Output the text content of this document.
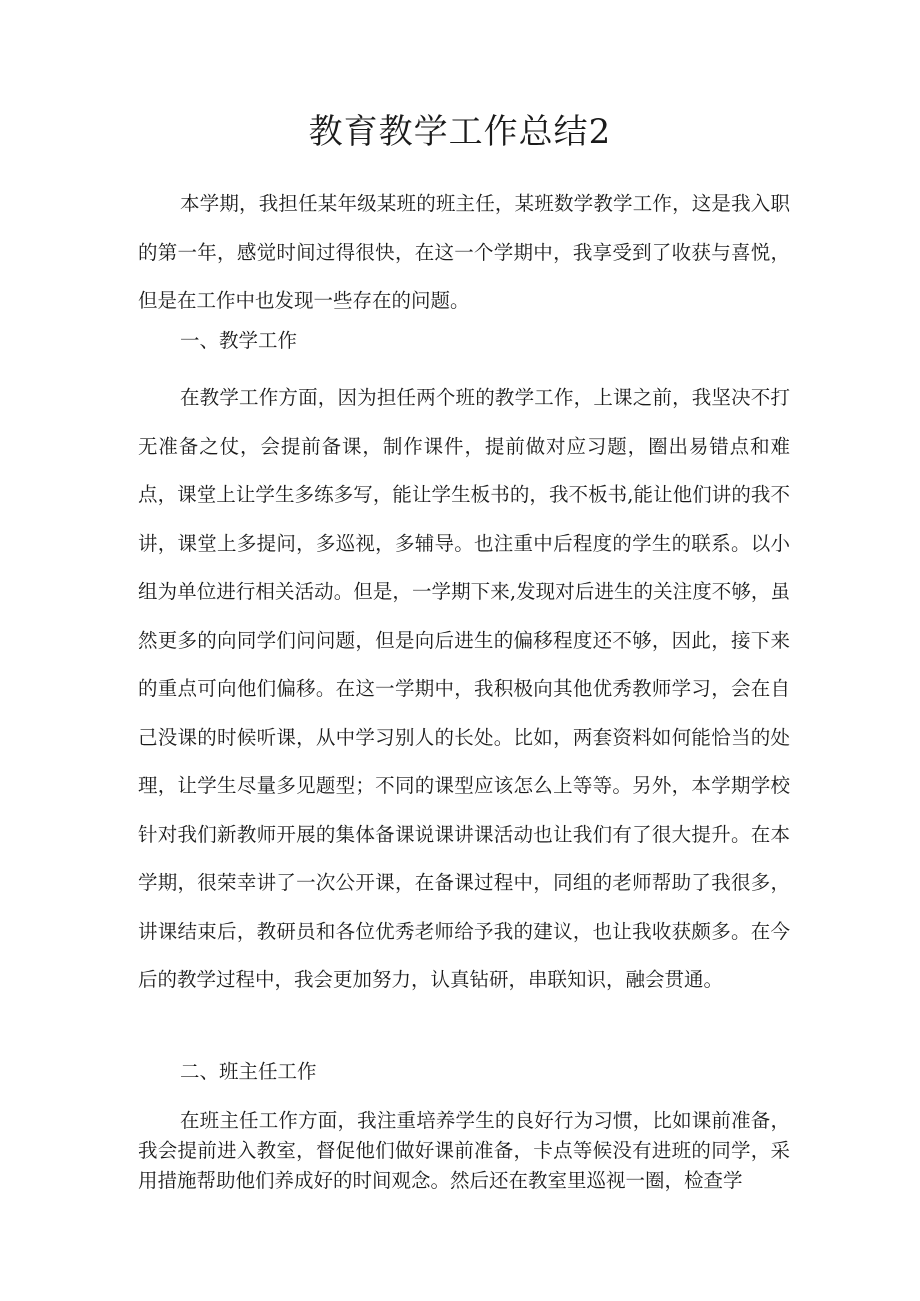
教育教学工作总结2

本学期，我担任某年级某班的班主任，某班数学教学工作，这是我入职的第一年，感觉时间过得很快，在这一个学期中，我享受到了收获与喜悦，但是在工作中也发现一些存在的问题。

一、教学工作

在教学工作方面，因为担任两个班的教学工作，上课之前，我坚决不打无准备之仗，会提前备课，制作课件，提前做对应习题，圈出易错点和难点，课堂上让学生多练多写，能让学生板书的，我不板书,能让他们讲的我不讲，课堂上多提问，多巡视，多辅导。也注重中后程度的学生的联系。以小组为单位进行相关活动。但是，一学期下来,发现对后进生的关注度不够，虽然更多的向同学们问问题，但是向后进生的偏移程度还不够，因此，接下来的重点可向他们偏移。在这一学期中，我积极向其他优秀教师学习，会在自己没课的时候听课，从中学习别人的长处。比如，两套资料如何能恰当的处理，让学生尽量多见题型；不同的课型应该怎么上等等。另外，本学期学校针对我们新教师开展的集体备课说课讲课活动也让我们有了很大提升。在本学期，很荣幸讲了一次公开课，在备课过程中，同组的老师帮助了我很多，讲课结束后，教研员和各位优秀老师给予我的建议，也让我收获颇多。在今后的教学过程中，我会更加努力，认真钻研，串联知识，融会贯通。

二、班主任工作

在班主任工作方面，我注重培养学生的良好行为习惯，比如课前准备，我会提前进入教室，督促他们做好课前准备，卡点等候没有进班的同学，采用措施帮助他们养成好的时间观念。然后还在教室里巡视一圈，检查学
